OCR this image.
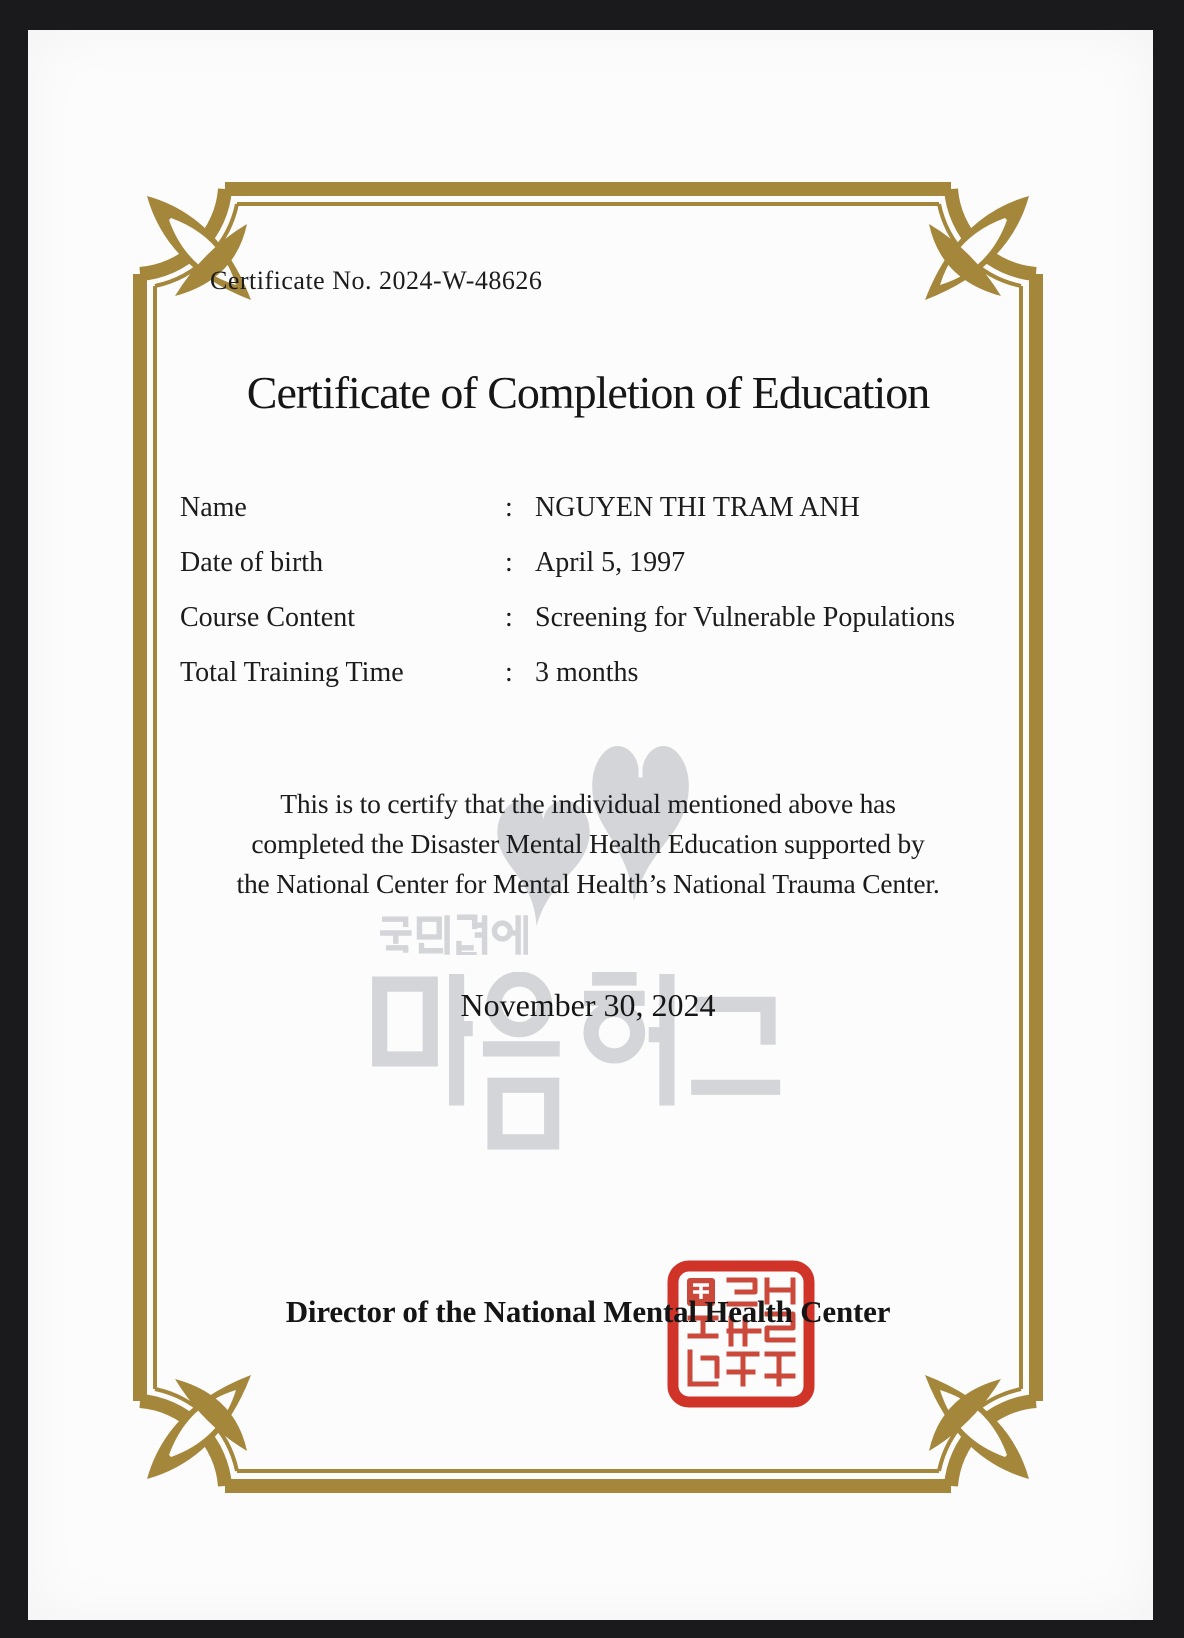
Certificate No. 2024-W-48626
Certificate of Completion of Education
Name	: NGUYEN THI TRAM ANH
Date of birth	: April 5, 1997
Course Content	: Screening for Vulnerable Populations
Total Training Time	: 3 months
This is to certify that the individual mentioned above has
completed the Disaster Mental Health Education supported by
the National Center for Mental Health’s National Trauma Center.
November 30, 2024
Director of the National Mental Health Center
